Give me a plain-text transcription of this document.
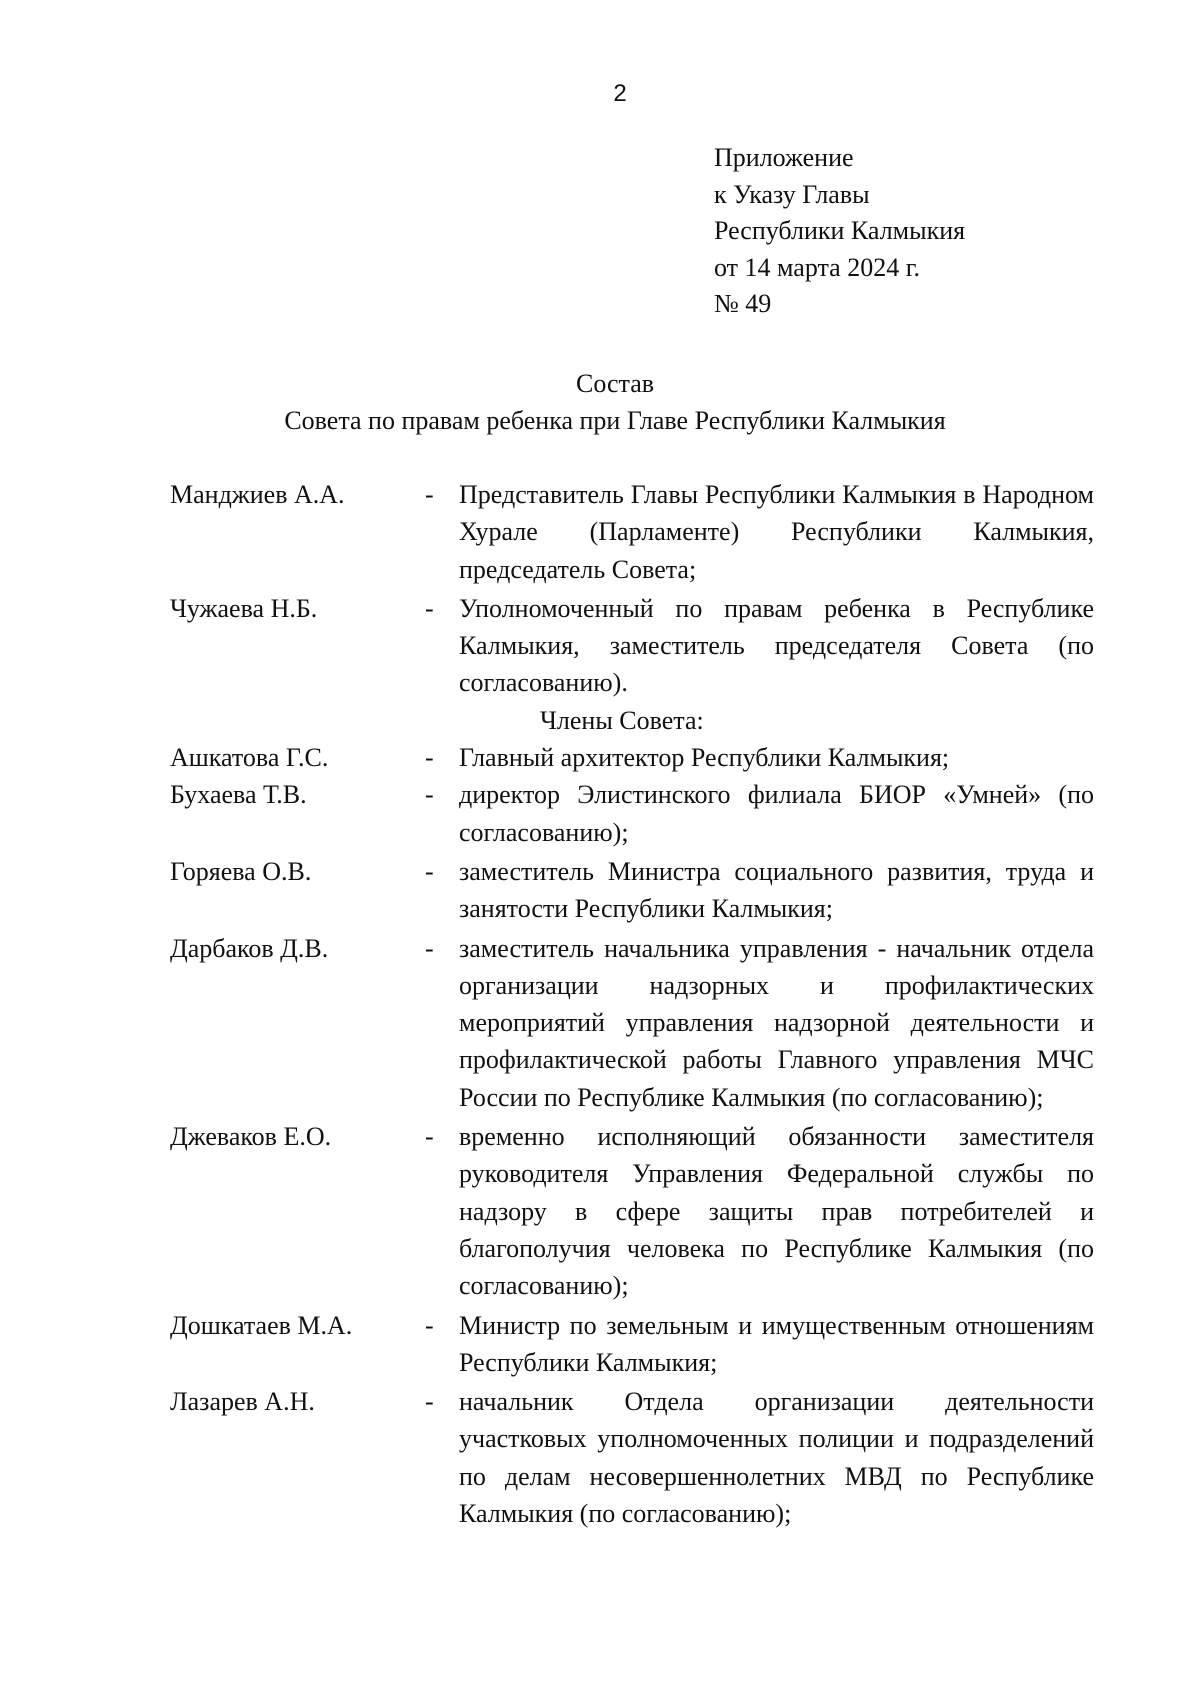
2
Приложение
к Указу Главы
Республики Калмыкия
от 14 марта 2024 г.
№ 49
Состав
Совета по правам ребенка при Главе Республики Калмыкия
Манджиев А.А.	- Представитель Главы Республики Калмыкия в Народном Хурале (Парламенте) Республики Калмыкия, председатель Совета;
Чужаева Н.Б.	- Уполномоченный по правам ребенка в Республике Калмыкия, заместитель председателя Совета (по согласованию).
Члены Совета:
Ашкатова Г.С.	- Главный архитектор Республики Калмыкия;
Бухаева Т.В.	- директор Элистинского филиала БИОР «Умней» (по согласованию);
Горяева О.В.	- заместитель Министра социального развития, труда и занятости Республики Калмыкия;
Дарбаков Д.В.	- заместитель начальника управления - начальник отдела организации надзорных и профилактических мероприятий управления надзорной деятельности и профилактической работы Главного управления МЧС России по Республике Калмыкия (по согласованию);
Джеваков Е.О.	- временно исполняющий обязанности заместителя руководителя Управления Федеральной службы по надзору в сфере защиты прав потребителей и благополучия человека по Республике Калмыкия (по согласованию);
Дошкатаев М.А.	- Министр по земельным и имущественным отношениям Республики Калмыкия;
Лазарев А.Н.	- начальник Отдела организации деятельности участковых уполномоченных полиции и подразделений по делам несовершеннолетних МВД по Республике Калмыкия (по согласованию);
